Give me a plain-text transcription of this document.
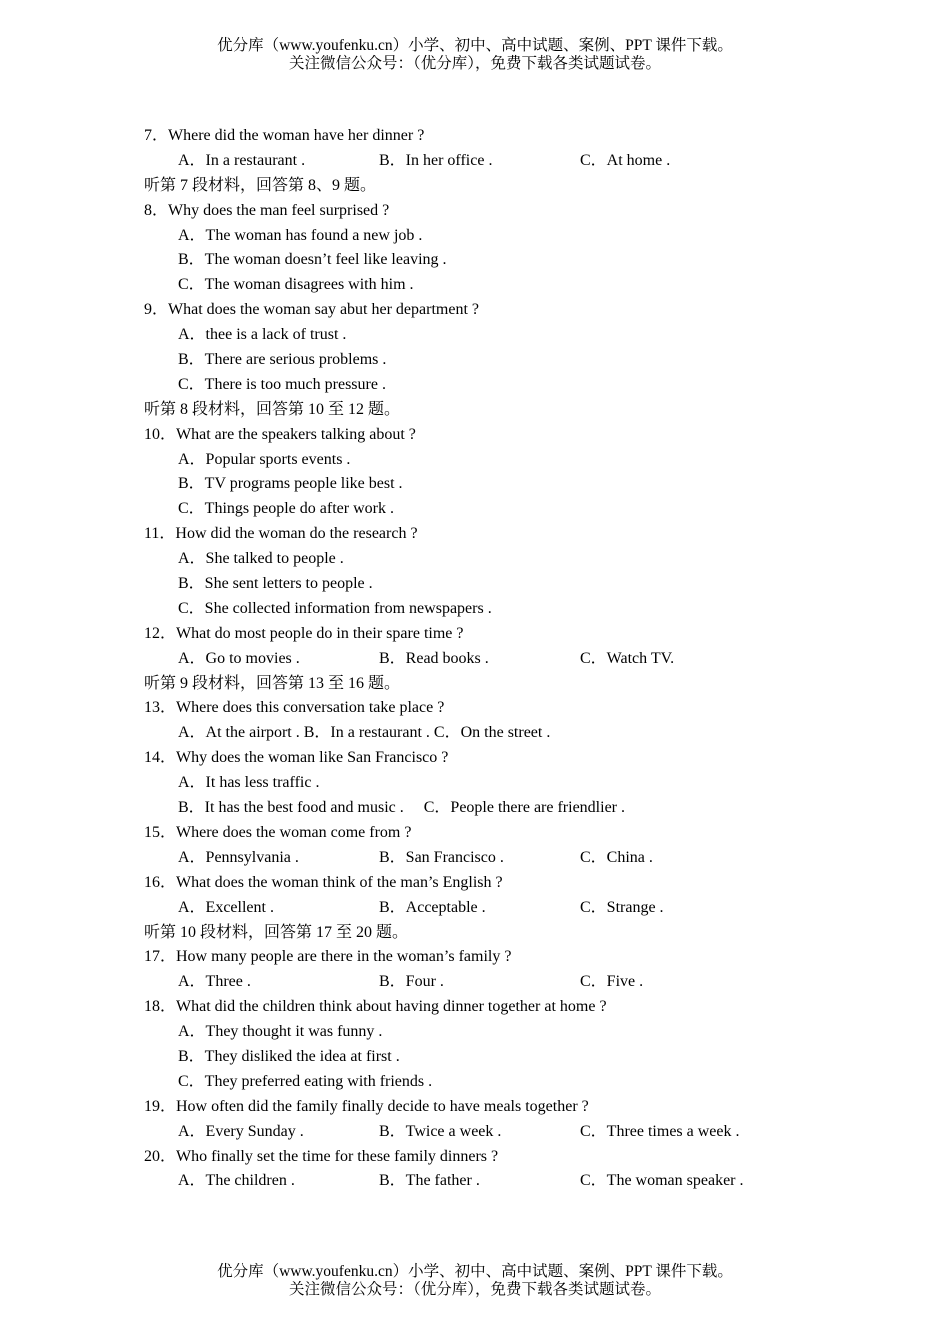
优分库（www.youfenku.cn）小学、初中、高中试题、案例、PPT 课件下载。
关注微信公众号：（优分库），免费下载各类试题试卷。
7．Where did the woman have her dinner ?
A．In a restaurant .	B．In her office .	C．At home .
听第 7 段材料，回答第 8、9 题。
8．Why does the man feel surprised ?
A．The woman has found a new job .
B．The woman doesn’t feel like leaving .
C．The woman disagrees with him .
9．What does the woman say abut her department ?
A．thee is a lack of trust .
B．There are serious problems .
C．There is too much pressure .
听第 8 段材料，回答第 10 至 12 题。
10．What are the speakers talking about ?
A．Popular sports events .
B．TV programs people like best .
C．Things people do after work .
11．How did the woman do the research ?
A．She talked to people .
B．She sent letters to people .
C．She collected information from newspapers .
12．What do most people do in their spare time ?
A．Go to movies .	B．Read books .	C．Watch TV.
听第 9 段材料，回答第 13 至 16 题。
13．Where does this conversation take place ?
A．At the airport . B．In a restaurant . C．On the street .
14．Why does the woman like San Francisco ?
A．It has less traffic .
B．It has the best food and music .　 C．People there are friendlier .
15．Where does the woman come from ?
A．Pennsylvania .	B．San Francisco .	C．China .
16．What does the woman think of the man’s English ?
A．Excellent .	B．Acceptable .	C．Strange .
听第 10 段材料，回答第 17 至 20 题。
17．How many people are there in the woman’s family ?
A．Three .	B．Four .	C．Five .
18．What did the children think about having dinner together at home ?
A．They thought it was funny .
B．They disliked the idea at first .
C．They preferred eating with friends .
19．How often did the family finally decide to have meals together ?
A．Every Sunday .	B．Twice a week .	C．Three times a week .
20．Who finally set the time for these family dinners ?
A．The children .	B．The father .	C．The woman speaker .
优分库（www.youfenku.cn）小学、初中、高中试题、案例、PPT 课件下载。
关注微信公众号：（优分库），免费下载各类试题试卷。
